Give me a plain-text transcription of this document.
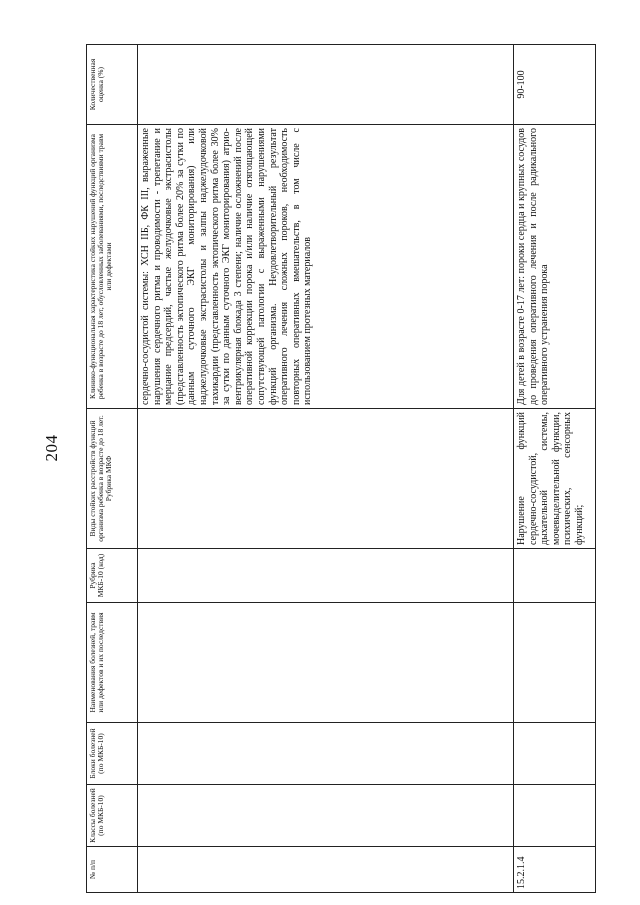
204
№ п/п	Классы болезней (по МКБ-10)	Блоки болезней (по МКБ-10)	Наименования болезней, травм или дефектов и их последствия	Рубрика МКБ-10 (код)	Виды стойких расстройств функций организма ребенка в возрасте до 18 лет. Рубрика МКФ	Клинико-функциональная характеристика стойких нарушений функций организма ребенка в возрасте до 18 лет, обусловленных заболеваниями, последствиями травм или дефектами	Количественная оценка (%)
						сердечно-сосудистой системы: ХСН IIБ, ФК III, выраженные нарушения сердечного ритма и проводимости - трепетание и мерцание предсердий, частые желудочковые экстрасистолы (представленность эктопического ритма более 20% за сутки по данным суточного ЭКГ мониторирования) или наджелудочковые экстрасистолы и залпы наджелудочковой тахикардии (представленность эктопического ритма более 30% за сутки по данным суточного ЭКГ мониторирования) атрио-вентрикулярная блокада 3 степени; наличие осложнений после оперативной коррекции порока и/или наличие отягощающей сопутствующей патологии с выраженными нарушениями функций организма. Неудовлетворительный результат оперативного лечения сложных пороков, необходимость повторных оперативных вмешательств, в том числе с использованием протезных материалов	
15.2.1.4					Нарушение функций сердечно-сосудистой, дыхательной системы, мочевыделительной функции, психических, сенсорных функций;	Для детей в возрасте 0-17 лет: пороки сердца и крупных сосудов до проведения оперативного лечения и после радикального оперативного устранения порока	90-100
